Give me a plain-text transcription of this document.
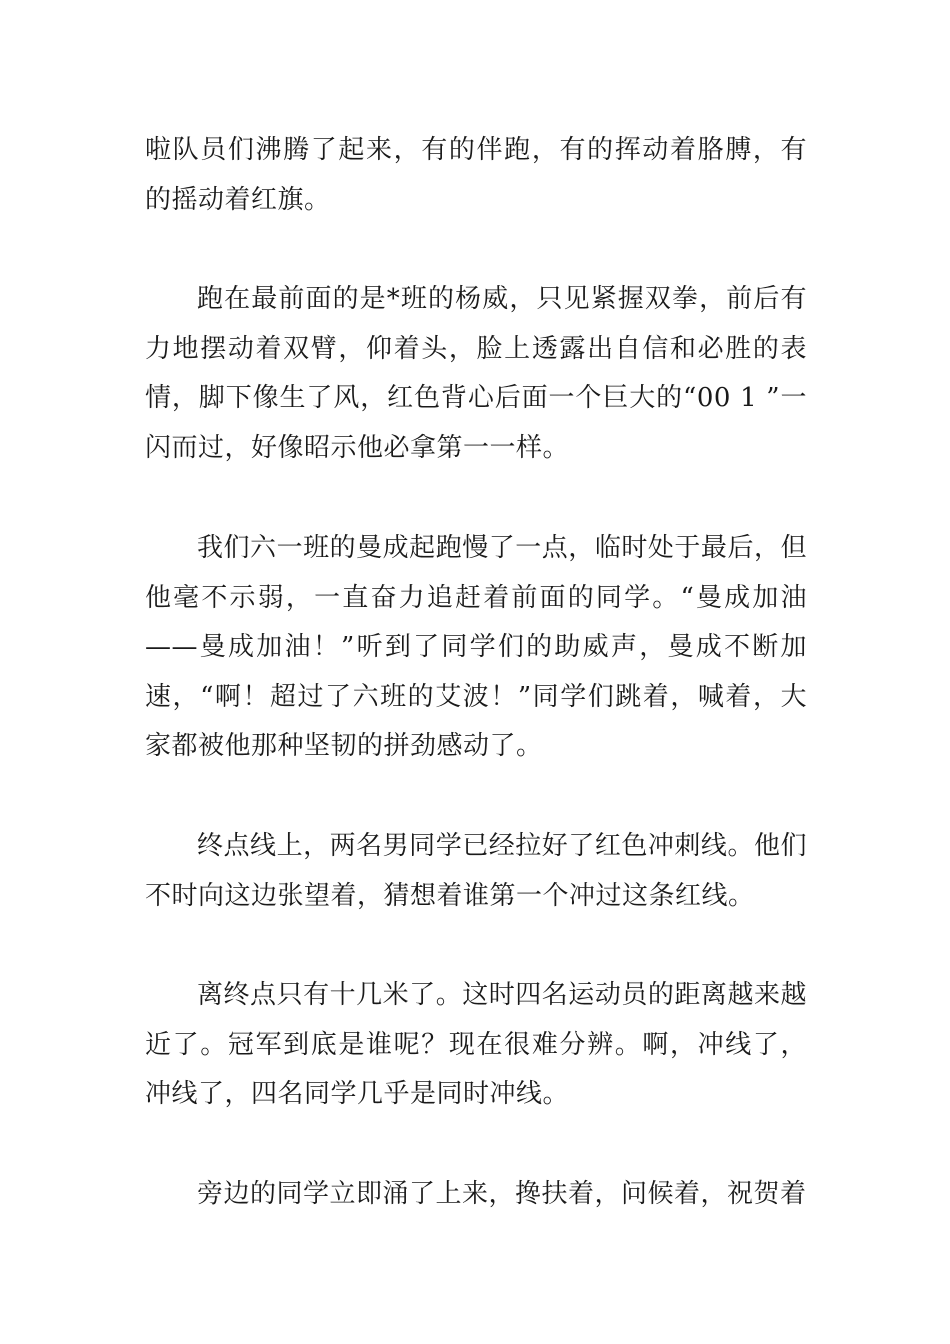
啦队员们沸腾了起来，有的伴跑，有的挥动着胳膊，有的摇动着红旗。

跑在最前面的是*班的杨威，只见紧握双拳，前后有力地摆动着双臂，仰着头，脸上透露出自信和必胜的表情，脚下像生了风，红色背心后面一个巨大的“00 1 ”一闪而过，好像昭示他必拿第一一样。

我们六一班的曼成起跑慢了一点，临时处于最后，但他毫不示弱，一直奋力追赶着前面的同学。“曼成加油——曼成加油！”听到了同学们的助威声，曼成不断加速，“啊！超过了六班的艾波！”同学们跳着，喊着，大家都被他那种坚韧的拼劲感动了。

终点线上，两名男同学已经拉好了红色冲刺线。他们不时向这边张望着，猜想着谁第一个冲过这条红线。

离终点只有十几米了。这时四名运动员的距离越来越近了。冠军到底是谁呢？现在很难分辨。啊，冲线了，冲线了，四名同学几乎是同时冲线。

旁边的同学立即涌了上来，搀扶着，问候着，祝贺着
